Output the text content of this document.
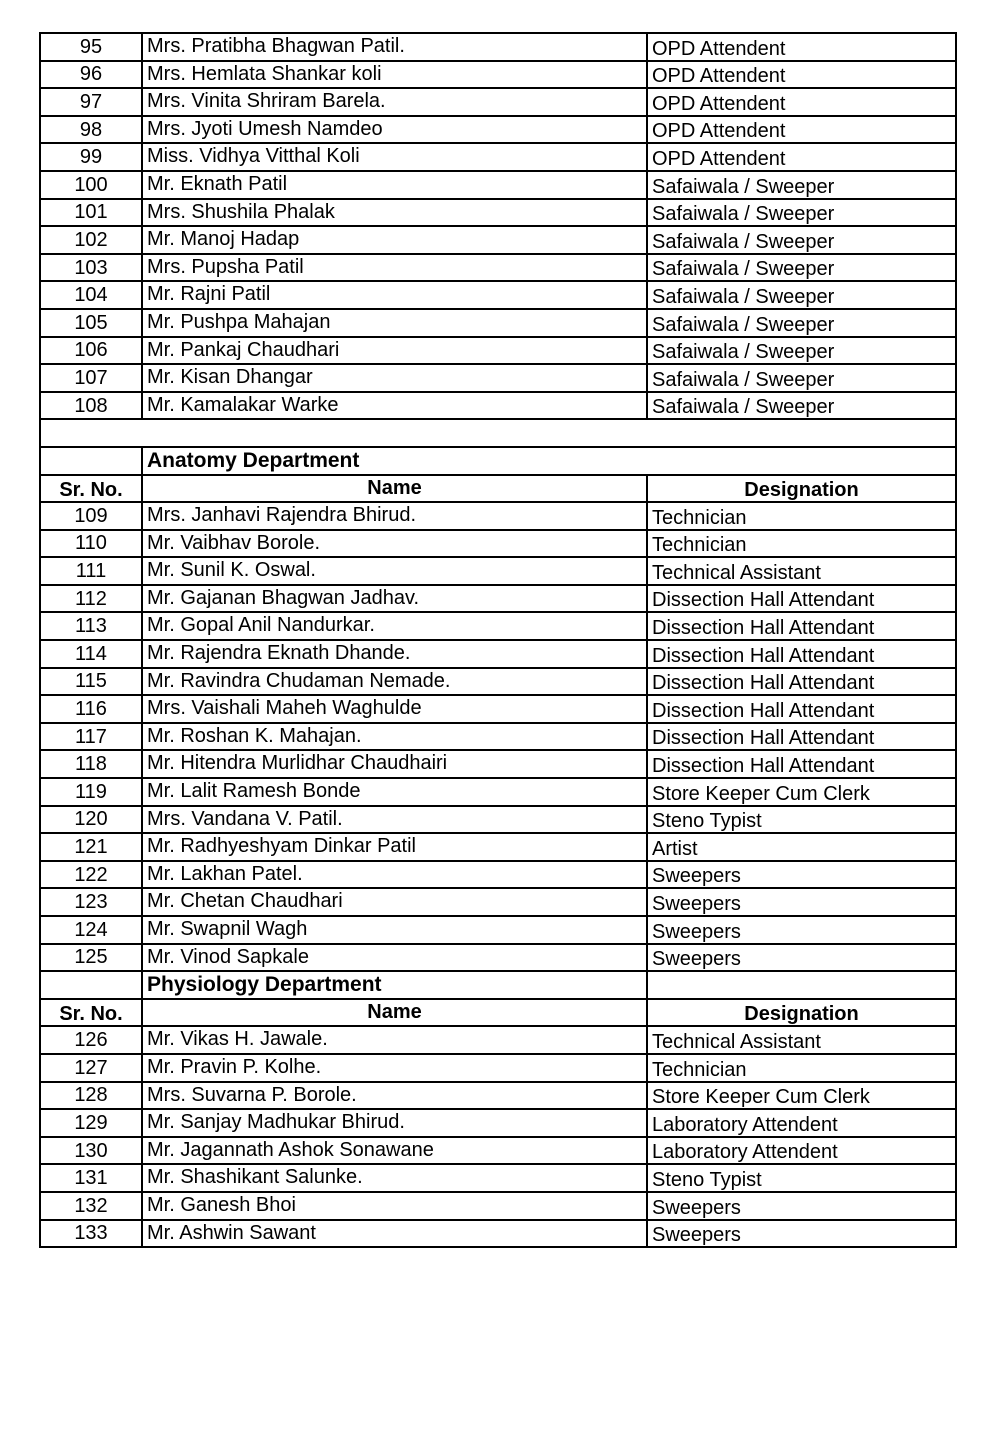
95	Mrs. Pratibha Bhagwan Patil.	OPD Attendent
96	Mrs. Hemlata Shankar koli	OPD Attendent
97	Mrs. Vinita Shriram Barela.	OPD Attendent
98	Mrs. Jyoti Umesh Namdeo	OPD Attendent
99	Miss. Vidhya Vitthal Koli	OPD Attendent
100	Mr. Eknath Patil	Safaiwala / Sweeper
101	Mrs. Shushila Phalak	Safaiwala / Sweeper
102	Mr. Manoj Hadap	Safaiwala / Sweeper
103	Mrs. Pupsha Patil	Safaiwala / Sweeper
104	Mr. Rajni Patil	Safaiwala / Sweeper
105	Mr. Pushpa Mahajan	Safaiwala / Sweeper
106	Mr. Pankaj Chaudhari	Safaiwala / Sweeper
107	Mr. Kisan Dhangar	Safaiwala / Sweeper
108	Mr. Kamalakar Warke	Safaiwala / Sweeper

	Anatomy Department	
Sr. No.	Name	Designation
109	Mrs. Janhavi Rajendra Bhirud.	Technician
110	Mr. Vaibhav Borole.	Technician
111	Mr. Sunil K. Oswal.	Technical Assistant
112	Mr. Gajanan Bhagwan Jadhav.	Dissection Hall Attendant
113	Mr. Gopal Anil Nandurkar.	Dissection Hall Attendant
114	Mr. Rajendra Eknath Dhande.	Dissection Hall Attendant
115	Mr. Ravindra Chudaman Nemade.	Dissection Hall Attendant
116	Mrs. Vaishali Maheh Waghulde	Dissection Hall Attendant
117	Mr. Roshan K. Mahajan.	Dissection Hall Attendant
118	Mr. Hitendra Murlidhar Chaudhairi	Dissection Hall Attendant
119	Mr. Lalit Ramesh Bonde	Store Keeper Cum Clerk
120	Mrs. Vandana V. Patil.	Steno Typist
121	Mr. Radhyeshyam Dinkar Patil	Artist
122	Mr. Lakhan Patel.	Sweepers
123	Mr. Chetan Chaudhari	Sweepers
124	Mr. Swapnil Wagh	Sweepers
125	Mr. Vinod Sapkale	Sweepers
	Physiology Department	
Sr. No.	Name	Designation
126	Mr. Vikas H. Jawale.	Technical Assistant
127	Mr. Pravin P. Kolhe.	Technician
128	Mrs. Suvarna P. Borole.	Store Keeper Cum Clerk
129	Mr. Sanjay Madhukar Bhirud.	Laboratory Attendent
130	Mr. Jagannath Ashok Sonawane	Laboratory Attendent
131	Mr. Shashikant Salunke.	Steno Typist
132	Mr. Ganesh Bhoi	Sweepers
133	Mr. Ashwin Sawant	Sweepers
